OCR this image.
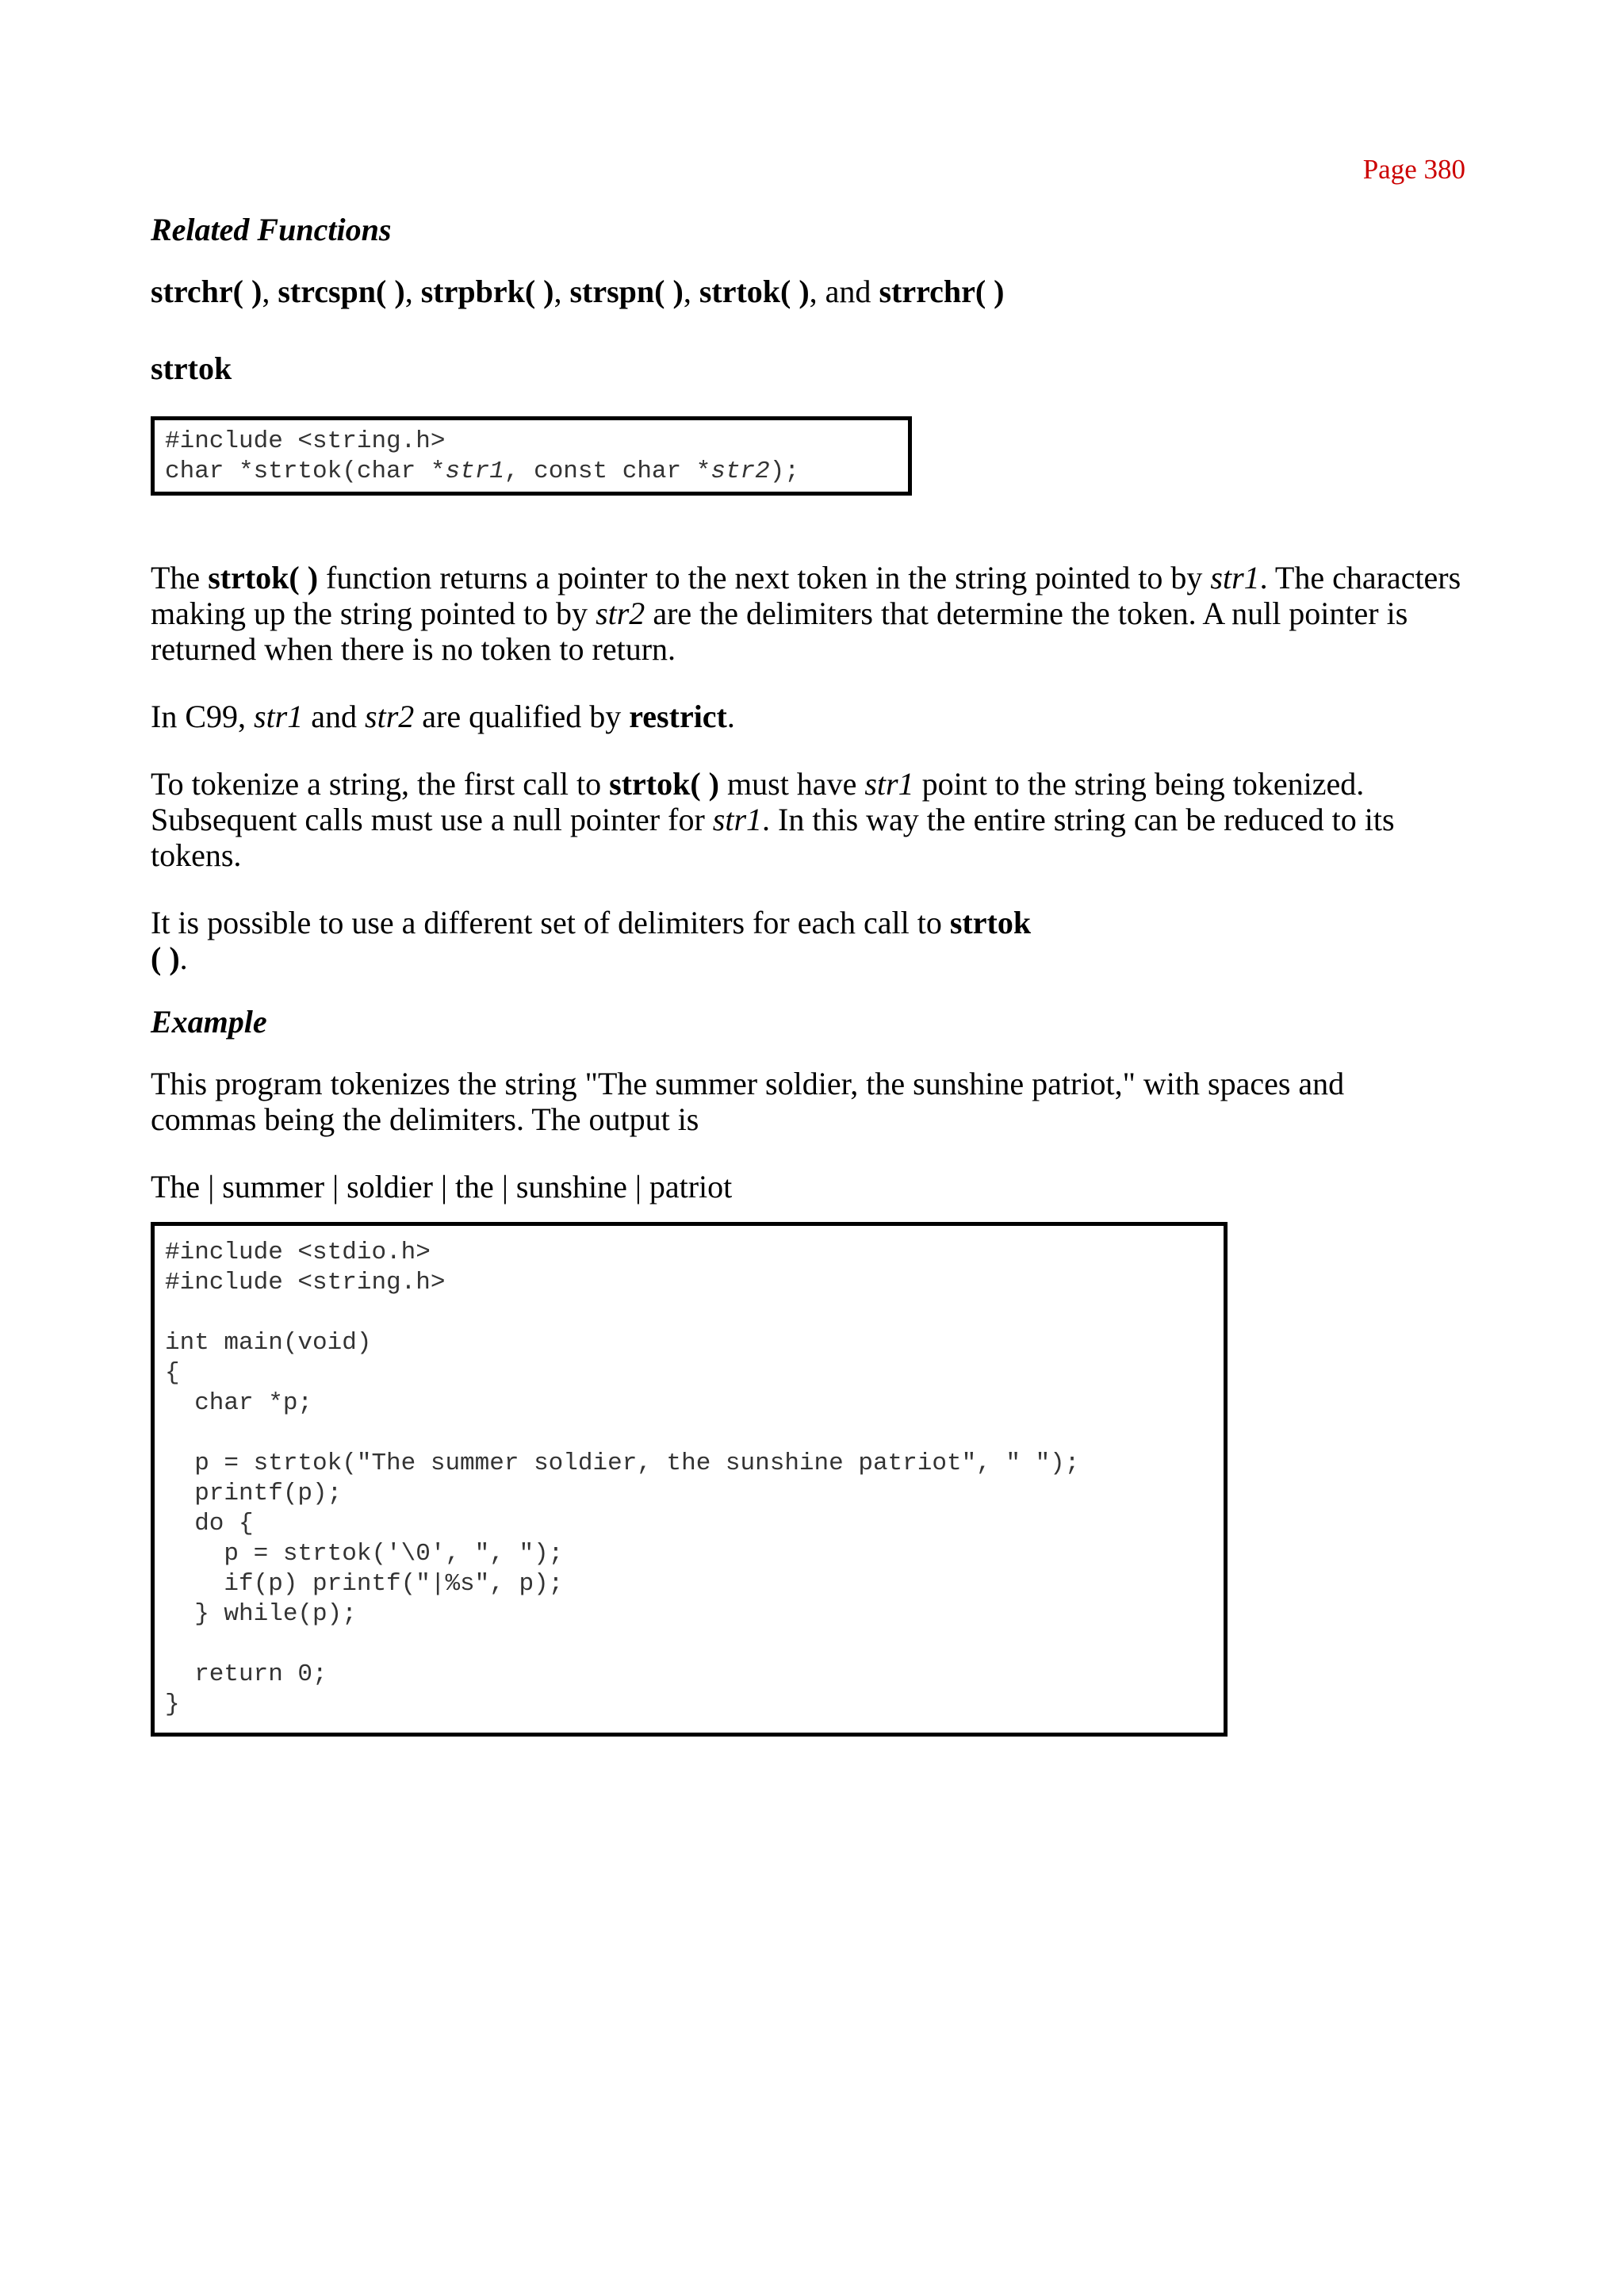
Page 380

Related Functions

strchr( ), strcspn( ), strpbrk( ), strspn( ), strtok( ), and strrchr( )

strtok

#include <string.h>
char *strtok(char *str1, const char *str2);

The strtok( ) function returns a pointer to the next token in the string pointed to by str1. The characters making up the string pointed to by str2 are the delimiters that determine the token. A null pointer is returned when there is no token to return.

In C99, str1 and str2 are qualified by restrict.

To tokenize a string, the first call to strtok( ) must have str1 point to the string being tokenized. Subsequent calls must use a null pointer for str1. In this way the entire string can be reduced to its tokens.

It is possible to use a different set of delimiters for each call to strtok
( ).

Example

This program tokenizes the string "The summer soldier, the sunshine patriot," with spaces and commas being the delimiters. The output is

The | summer | soldier | the | sunshine | patriot

#include <stdio.h>
#include <string.h>

int main(void)
{
char *p;

p = strtok("The summer soldier, the sunshine patriot", " ");
printf(p);
do {
p = strtok('\0', ", ");
if(p) printf("|%s", p);
} while(p);

return 0;
}
